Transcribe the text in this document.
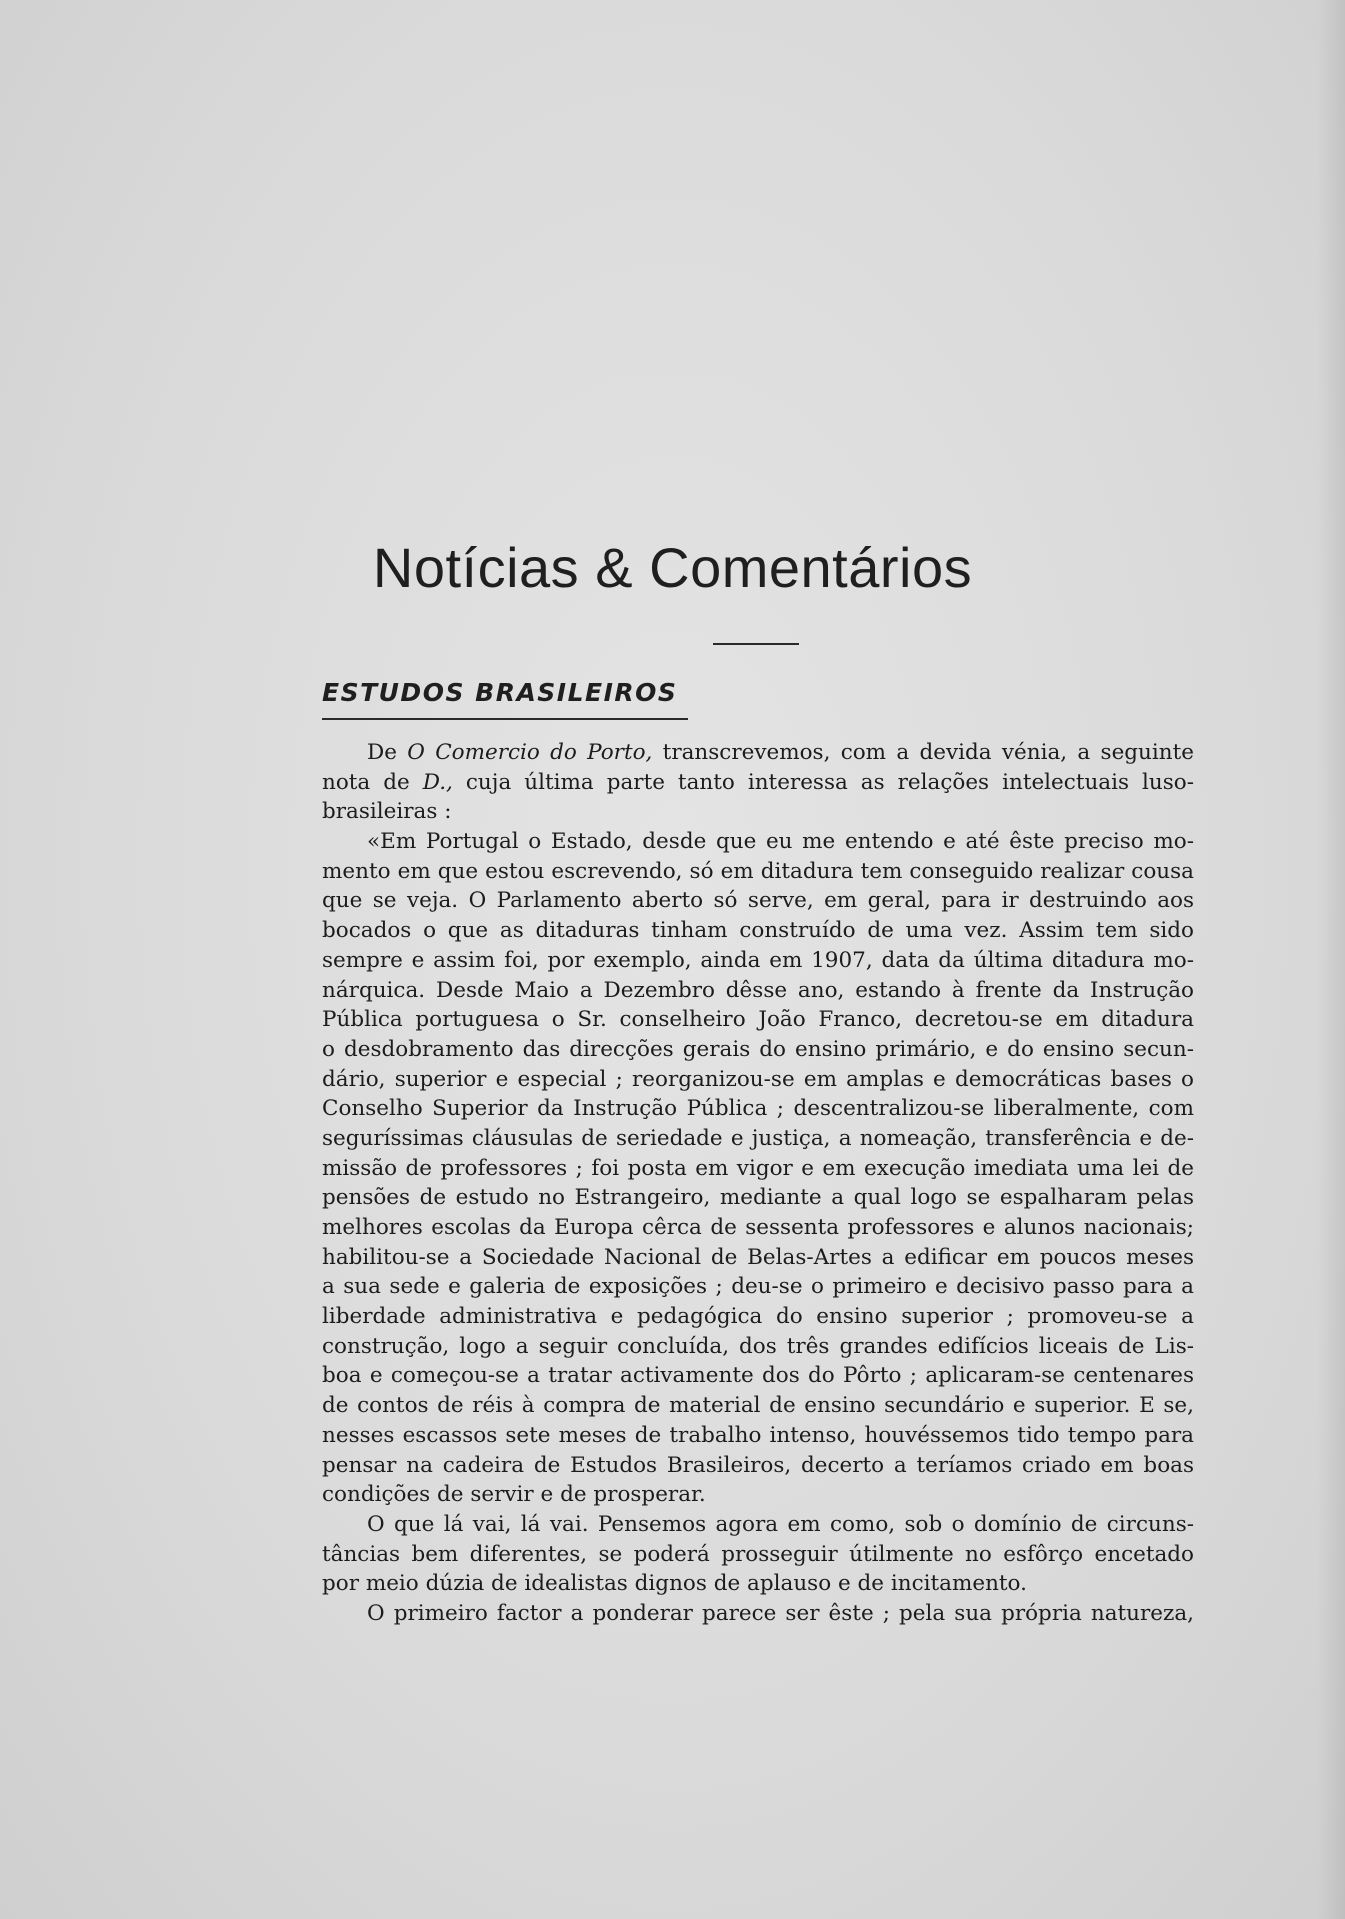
Notícias & Comentários
ESTUDOS BRASILEIROS
De O Comercio do Porto, transcrevemos, com a devida vénia, a seguinte
nota de D., cuja última parte tanto interessa as relações intelectuais luso-
brasileiras :
«Em Portugal o Estado, desde que eu me entendo e até êste preciso mo-
mento em que estou escrevendo, só em ditadura tem conseguido realizar cousa
que se veja. O Parlamento aberto só serve, em geral, para ir destruindo aos
bocados o que as ditaduras tinham construído de uma vez. Assim tem sido
sempre e assim foi, por exemplo, ainda em 1907, data da última ditadura mo-
nárquica. Desde Maio a Dezembro dêsse ano, estando à frente da Instrução
Pública portuguesa o Sr. conselheiro João Franco, decretou-se em ditadura
o desdobramento das direcções gerais do ensino primário, e do ensino secun-
dário, superior e especial ; reorganizou-se em amplas e democráticas bases o
Conselho Superior da Instrução Pública ; descentralizou-se liberalmente, com
seguríssimas cláusulas de seriedade e justiça, a nomeação, transferência e de-
missão de professores ; foi posta em vigor e em execução imediata uma lei de
pensões de estudo no Estrangeiro, mediante a qual logo se espalharam pelas
melhores escolas da Europa cêrca de sessenta professores e alunos nacionais;
habilitou-se a Sociedade Nacional de Belas-Artes a edificar em poucos meses
a sua sede e galeria de exposições ; deu-se o primeiro e decisivo passo para a
liberdade administrativa e pedagógica do ensino superior ; promoveu-se a
construção, logo a seguir concluída, dos três grandes edifícios liceais de Lis-
boa e começou-se a tratar activamente dos do Pôrto ; aplicaram-se centenares
de contos de réis à compra de material de ensino secundário e superior. E se,
nesses escassos sete meses de trabalho intenso, houvéssemos tido tempo para
pensar na cadeira de Estudos Brasileiros, decerto a teríamos criado em boas
condições de servir e de prosperar.
O que lá vai, lá vai. Pensemos agora em como, sob o domínio de circuns-
tâncias bem diferentes, se poderá prosseguir útilmente no esfôrço encetado
por meio dúzia de idealistas dignos de aplauso e de incitamento.
O primeiro factor a ponderar parece ser êste ; pela sua própria natureza,
